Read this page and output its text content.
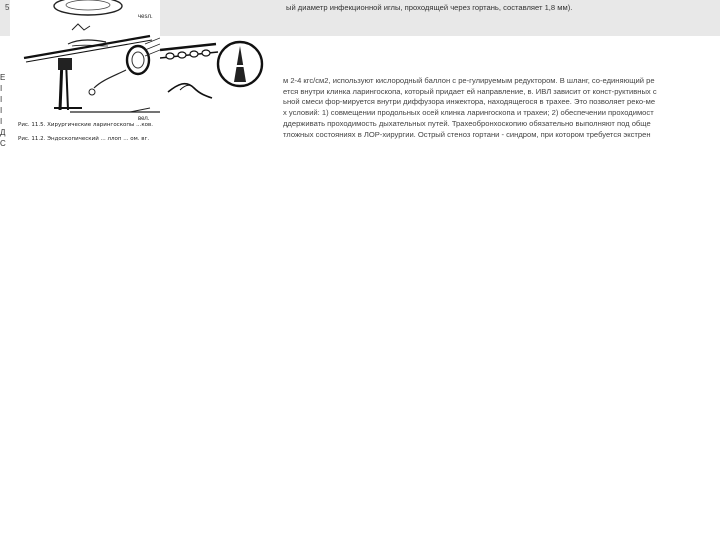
5	ый диаметр инфекционной иглы, проходящей через гортань, составляет 1,8 мм).
Е
I
I
I
I
Д
С
м 2-4 кгс/см2, используют кислородный баллон с ре-гулируемым редуктором. В шланг, со-единяющий ре
ется внутри клинка ларингоскопа, который придает ей направление, в. ИВЛ зависит от конст-руктивных с
ьной смеси фор-мируется внутри диффузора инжектора, находящегося в трахее. Это позволяет реко-ме
х условий: 1) совмещении продольных осей клинка ларингоскопа и трахеи; 2) обеспечении проходимост
ддерживать проходимость дыхательных путей. Трахеобронхоскопию обязательно выполняют под обще
тложных состояниях в ЛОР-хирургии. Острый стеноз гортани - синдром, при котором требуется экстрен
чеsл.
вел.
Рис. 11.5. Хирургические ларингоскопы ...ков.
Рис. 11.2. Эндоскопический ... ллоп ... ом. вг.
